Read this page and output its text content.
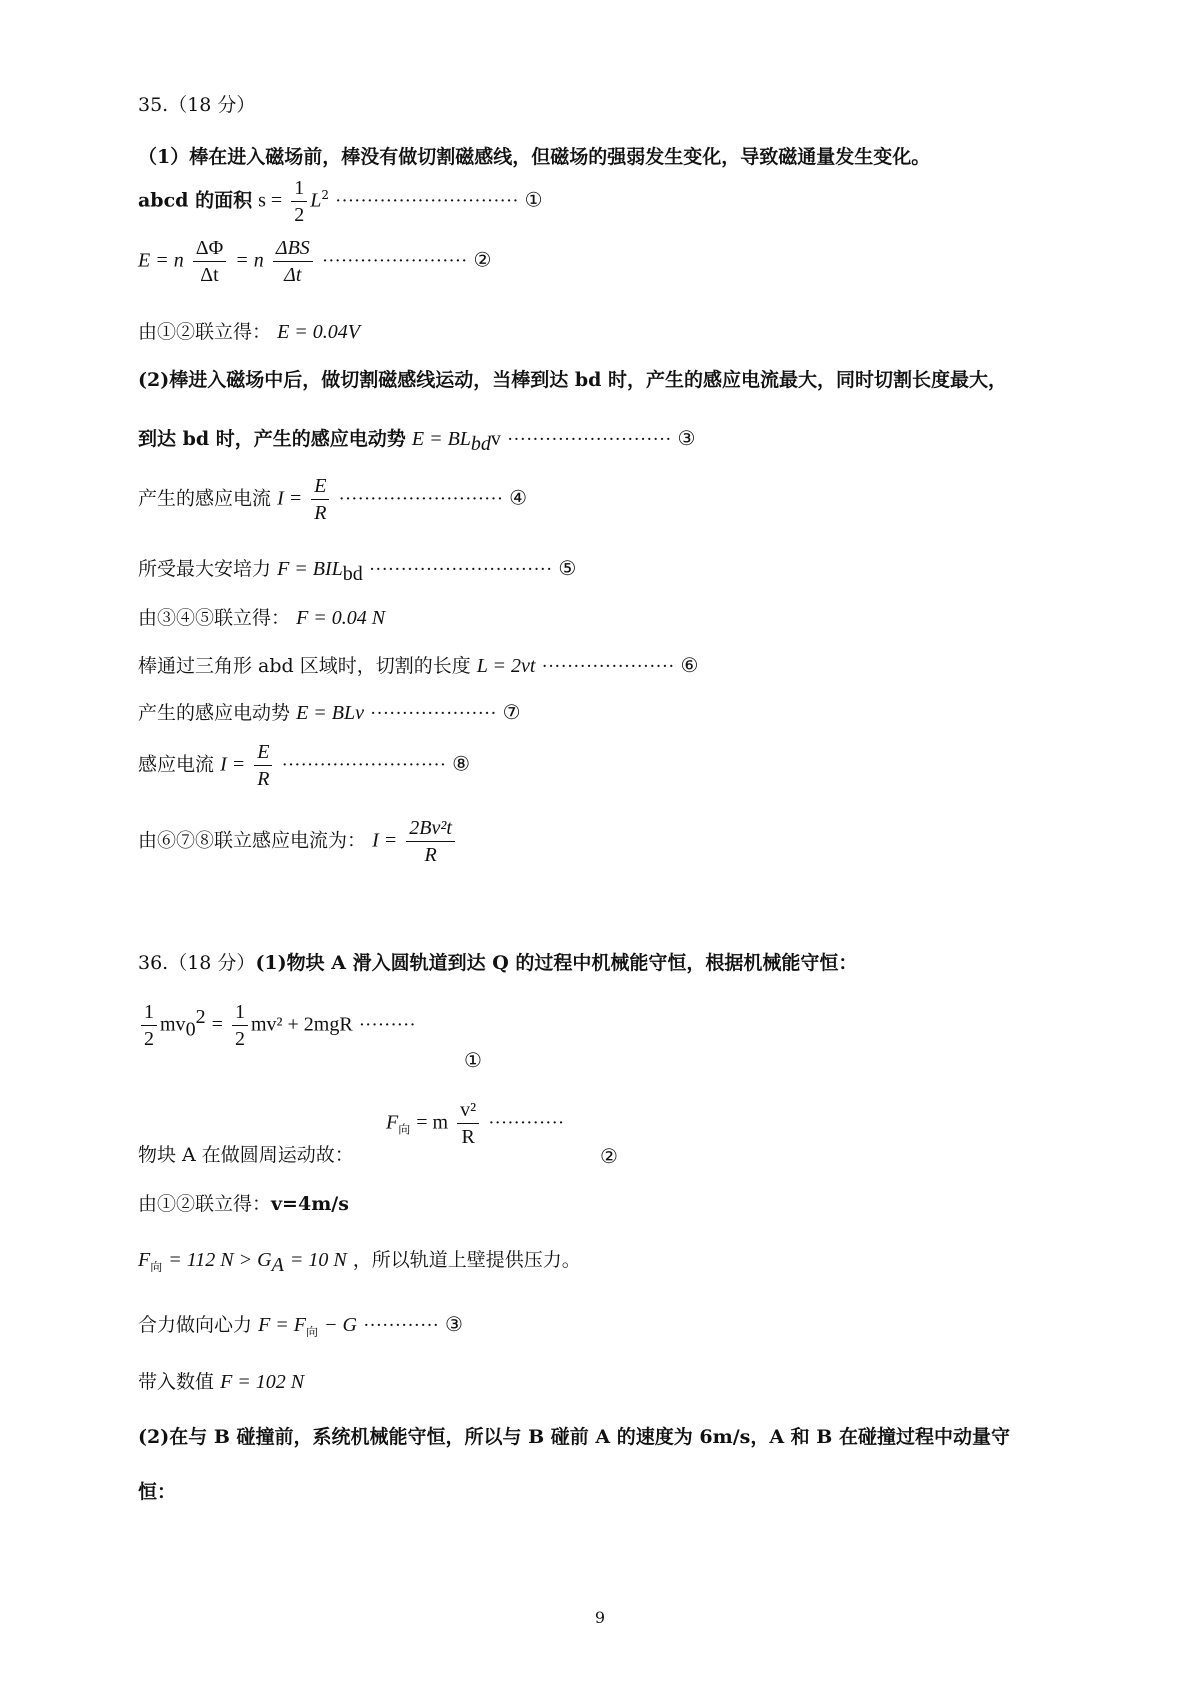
35.（18 分）
（1）棒在进入磁场前，棒没有做切割磁感线，但磁场的强弱发生变化，导致磁通量发生变化。
abcd 的面积 $s = \frac{1}{2} L^2$ ····························· ①
E = n $\frac{\Delta\Phi}{\Delta t} = n \frac{\text{ΔBS}}{\Delta t}$ ······················· ②
由①②联立得： E = 0.04V
(2)棒进入磁场中后，做切割磁感线运动，当棒到达 bd 时，产生的感应电流最大，同时切割长度最大，
到达 bd 时，产生的感应电动势 $E = BL_{bd}v$ ·························· ③
产生的感应电流 $I = \frac{E}{R}$ ·························· ④
所受最大安培力 $F = BIL_{bd}$ ····························· ⑤
由③④⑤联立得： F = 0.04 N
棒通过三角形 abd 区域时，切割的长度 L = 2vt ····················· ⑥
产生的感应电动势 E = BLv ···················· ⑦
感应电流 $I = \frac{E}{R}$ ·························· ⑧
由⑥⑦⑧联立感应电流为： $I = \frac{\text{2Bv²t}}{R}$
36.（18 分）(1)物块 A 滑入圆轨道到达 Q 的过程中机械能守恒，根据机械能守恒：
$\frac{1}{2} mv_0^2 = \frac{1}{2} mv^2 + 2mgR$ ·········
①
$F_向 = m \frac{\text{v²}}{R}$ ············
物块 A 在做圆周运动故：	②
由①②联立得：v=4m/s
$F_向 = 112$ $N > G_A = 10$ N ，所以轨道上壁提供压力。
合力做向心力 $F = F_向 - G$ ············ ③
带入数值 F = 102 N
(2)在与 B 碰撞前，系统机械能守恒，所以与 B 碰前 A 的速度为 6m/s，A 和 B 在碰撞过程中动量守
恒：
9
